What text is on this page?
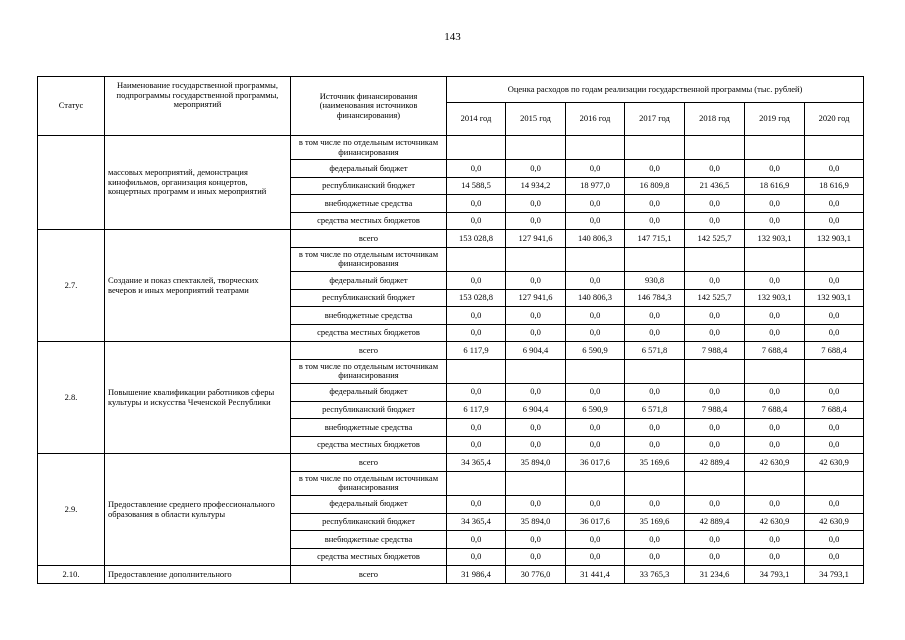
143
Статус	Наименование государственной программы, подпрограммы государственной программы, мероприятий	Источник финансирования (наименования источников финансирования)	Оценка расходов по годам реализации государственной программы (тыс. рублей)						
			2014 год	2015 год	2016 год	2017 год	2018 год	2019 год	2020 год
	массовых мероприятий, демонстрация кинофильмов, организация концертов, концертных программ и иных мероприятий	в том числе по отдельным источникам финансирования							
		федеральный бюджет	0,0	0,0	0,0	0,0	0,0	0,0	0,0
		республиканский бюджет	14 588,5	14 934,2	18 977,0	16 809,8	21 436,5	18 616,9	18 616,9
		внебюджетные средства	0,0	0,0	0,0	0,0	0,0	0,0	0,0
		средства местных бюджетов	0,0	0,0	0,0	0,0	0,0	0,0	0,0
2.7.	Создание и показ спектаклей, творческих вечеров и иных мероприятий театрами	всего	153 028,8	127 941,6	140 806,3	147 715,1	142 525,7	132 903,1	132 903,1
		в том числе по отдельным источникам финансирования							
		федеральный бюджет	0,0	0,0	0,0	930,8	0,0	0,0	0,0
		республиканский бюджет	153 028,8	127 941,6	140 806,3	146 784,3	142 525,7	132 903,1	132 903,1
		внебюджетные средства	0,0	0,0	0,0	0,0	0,0	0,0	0,0
		средства местных бюджетов	0,0	0,0	0,0	0,0	0,0	0,0	0,0
2.8.	Повышение квалификации работников сферы культуры и искусства Чеченской Республики	всего	6 117,9	6 904,4	6 590,9	6 571,8	7 988,4	7 688,4	7 688,4
		в том числе по отдельным источникам финансирования							
		федеральный бюджет	0,0	0,0	0,0	0,0	0,0	0,0	0,0
		республиканский бюджет	6 117,9	6 904,4	6 590,9	6 571,8	7 988,4	7 688,4	7 688,4
		внебюджетные средства	0,0	0,0	0,0	0,0	0,0	0,0	0,0
		средства местных бюджетов	0,0	0,0	0,0	0,0	0,0	0,0	0,0
2.9.	Предоставление среднего профессионального образования в области культуры	всего	34 365,4	35 894,0	36 017,6	35 169,6	42 889,4	42 630,9	42 630,9
		в том числе по отдельным источникам финансирования							
		федеральный бюджет	0,0	0,0	0,0	0,0	0,0	0,0	0,0
		республиканский бюджет	34 365,4	35 894,0	36 017,6	35 169,6	42 889,4	42 630,9	42 630,9
		внебюджетные средства	0,0	0,0	0,0	0,0	0,0	0,0	0,0
		средства местных бюджетов	0,0	0,0	0,0	0,0	0,0	0,0	0,0
2.10.	Предоставление дополнительного	всего	31 986,4	30 776,0	31 441,4	33 765,3	31 234,6	34 793,1	34 793,1
